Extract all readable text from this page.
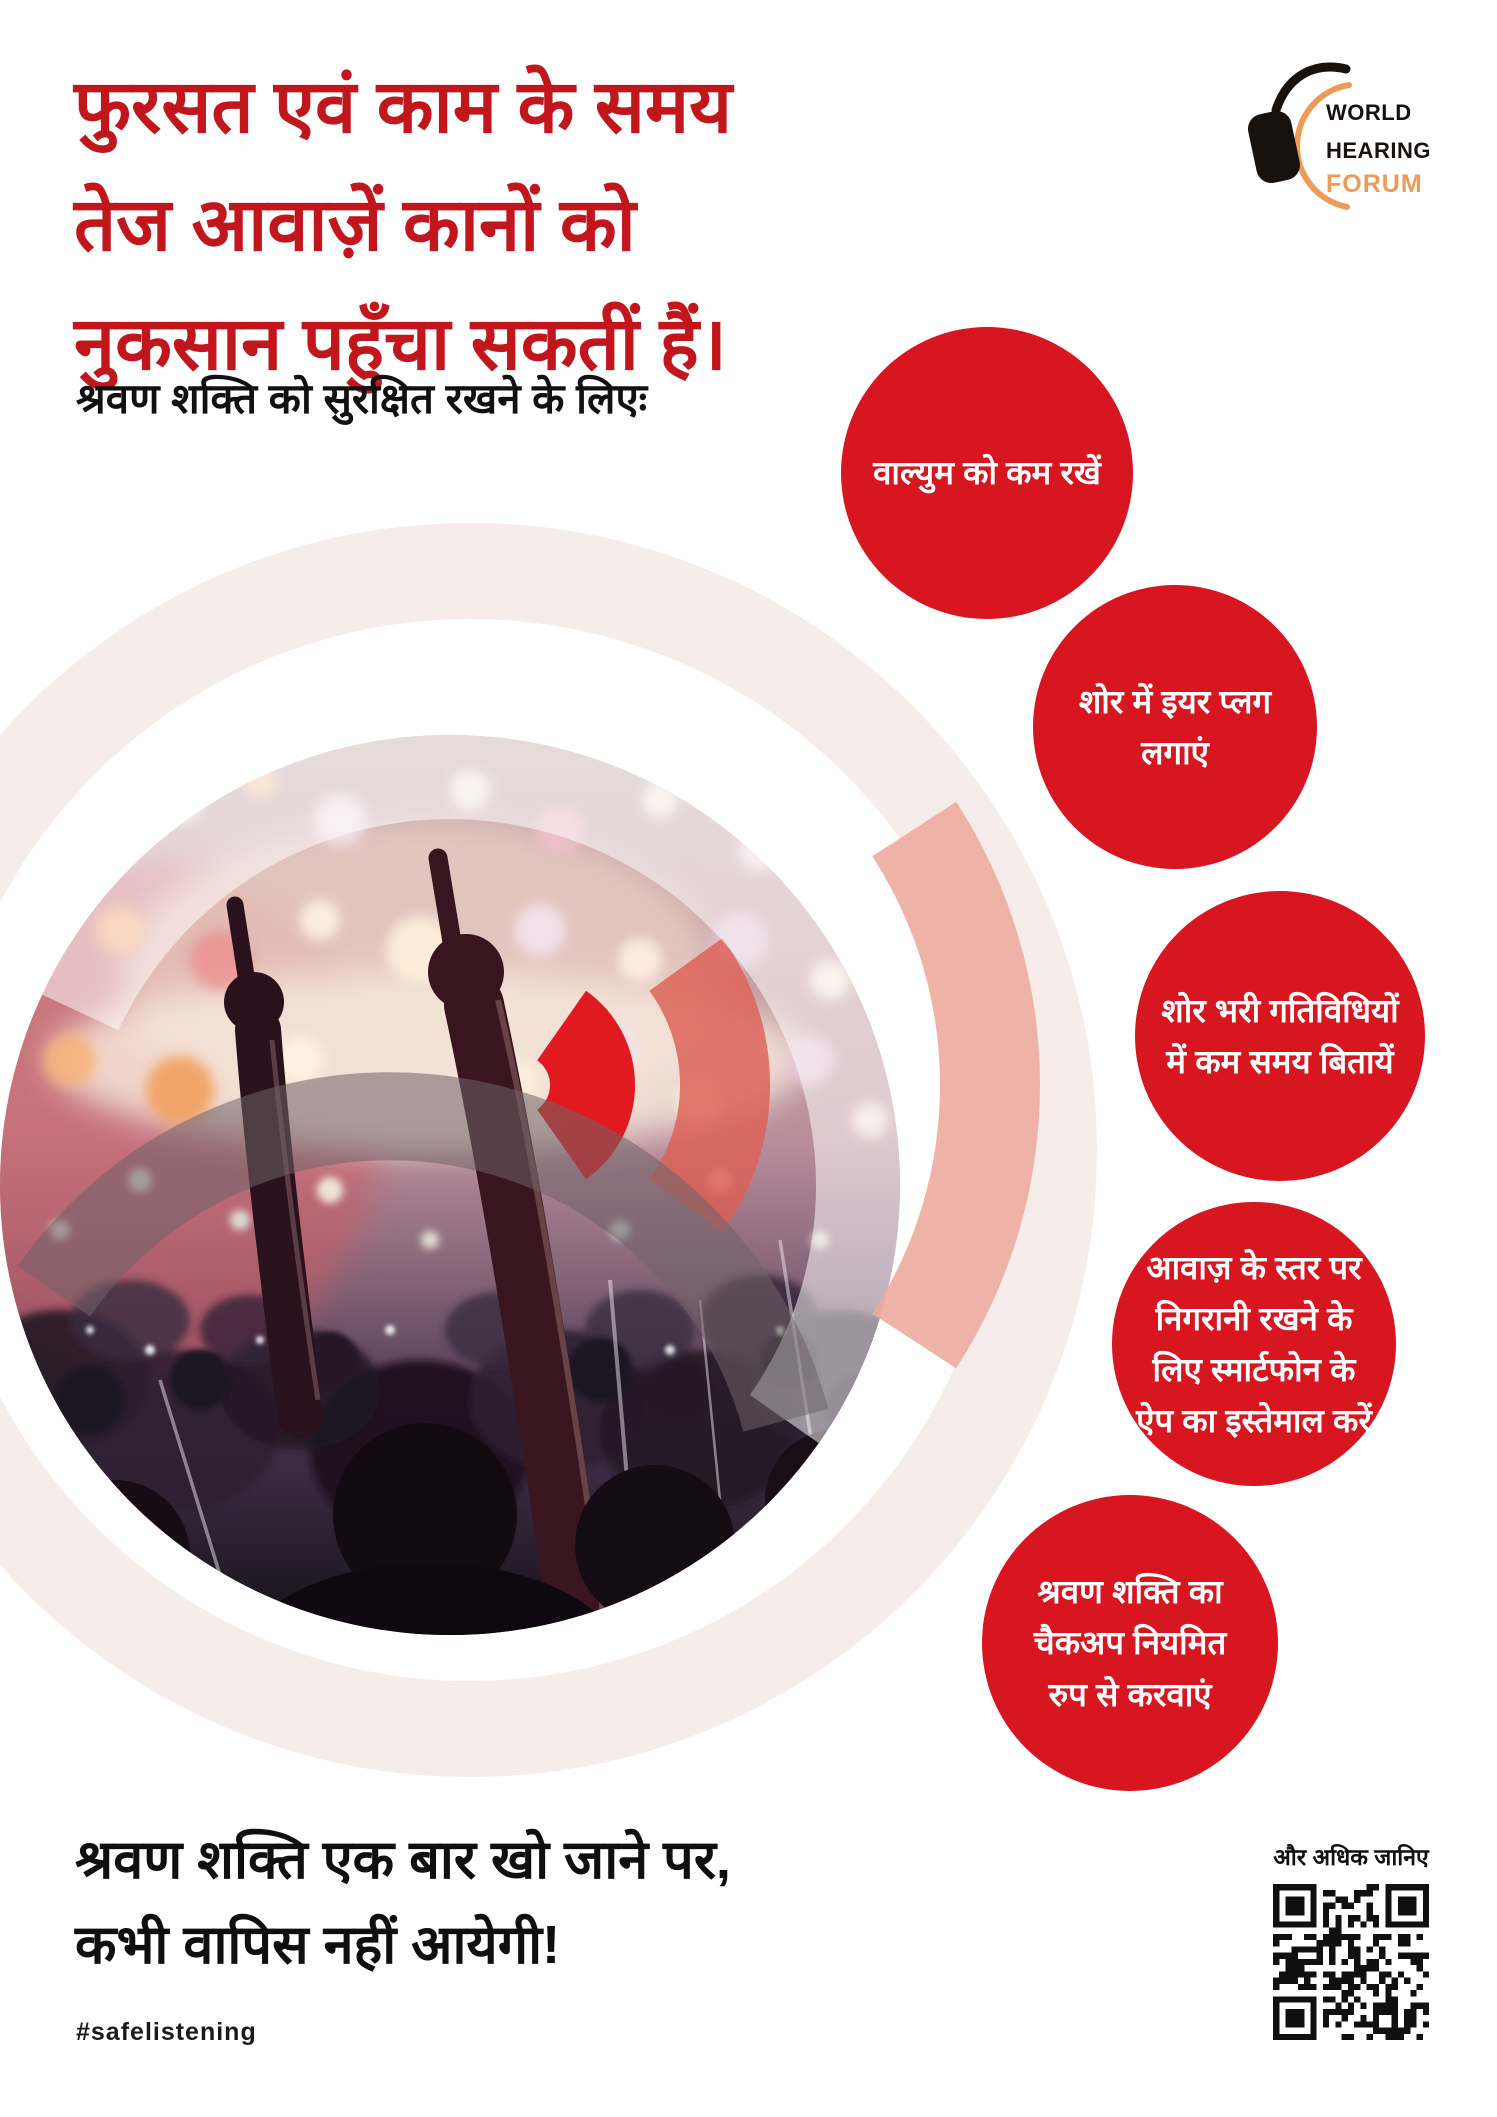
फुरसत एवं काम के समय
तेज आवाज़ें कानों को
नुकसान पहुँचा सकतीं हैं।
श्रवण शक्ति को सुरक्षित रखने के लिएः
WORLD
HEARING
FORUM
वाल्युम को कम रखें
शोर में इयर प्लग लगाएं
शोर भरी गतिविधियों में कम समय बितायें
आवाज़ के स्तर पर निगरानी रखने के लिए स्मार्टफोन के ऐप का इस्तेमाल करें
श्रवण शक्ति का चैकअप नियमित रुप से करवाएं
श्रवण शक्ति एक बार खो जाने पर,
कभी वापिस नहीं आयेगी!
#safelistening
और अधिक जानिए
